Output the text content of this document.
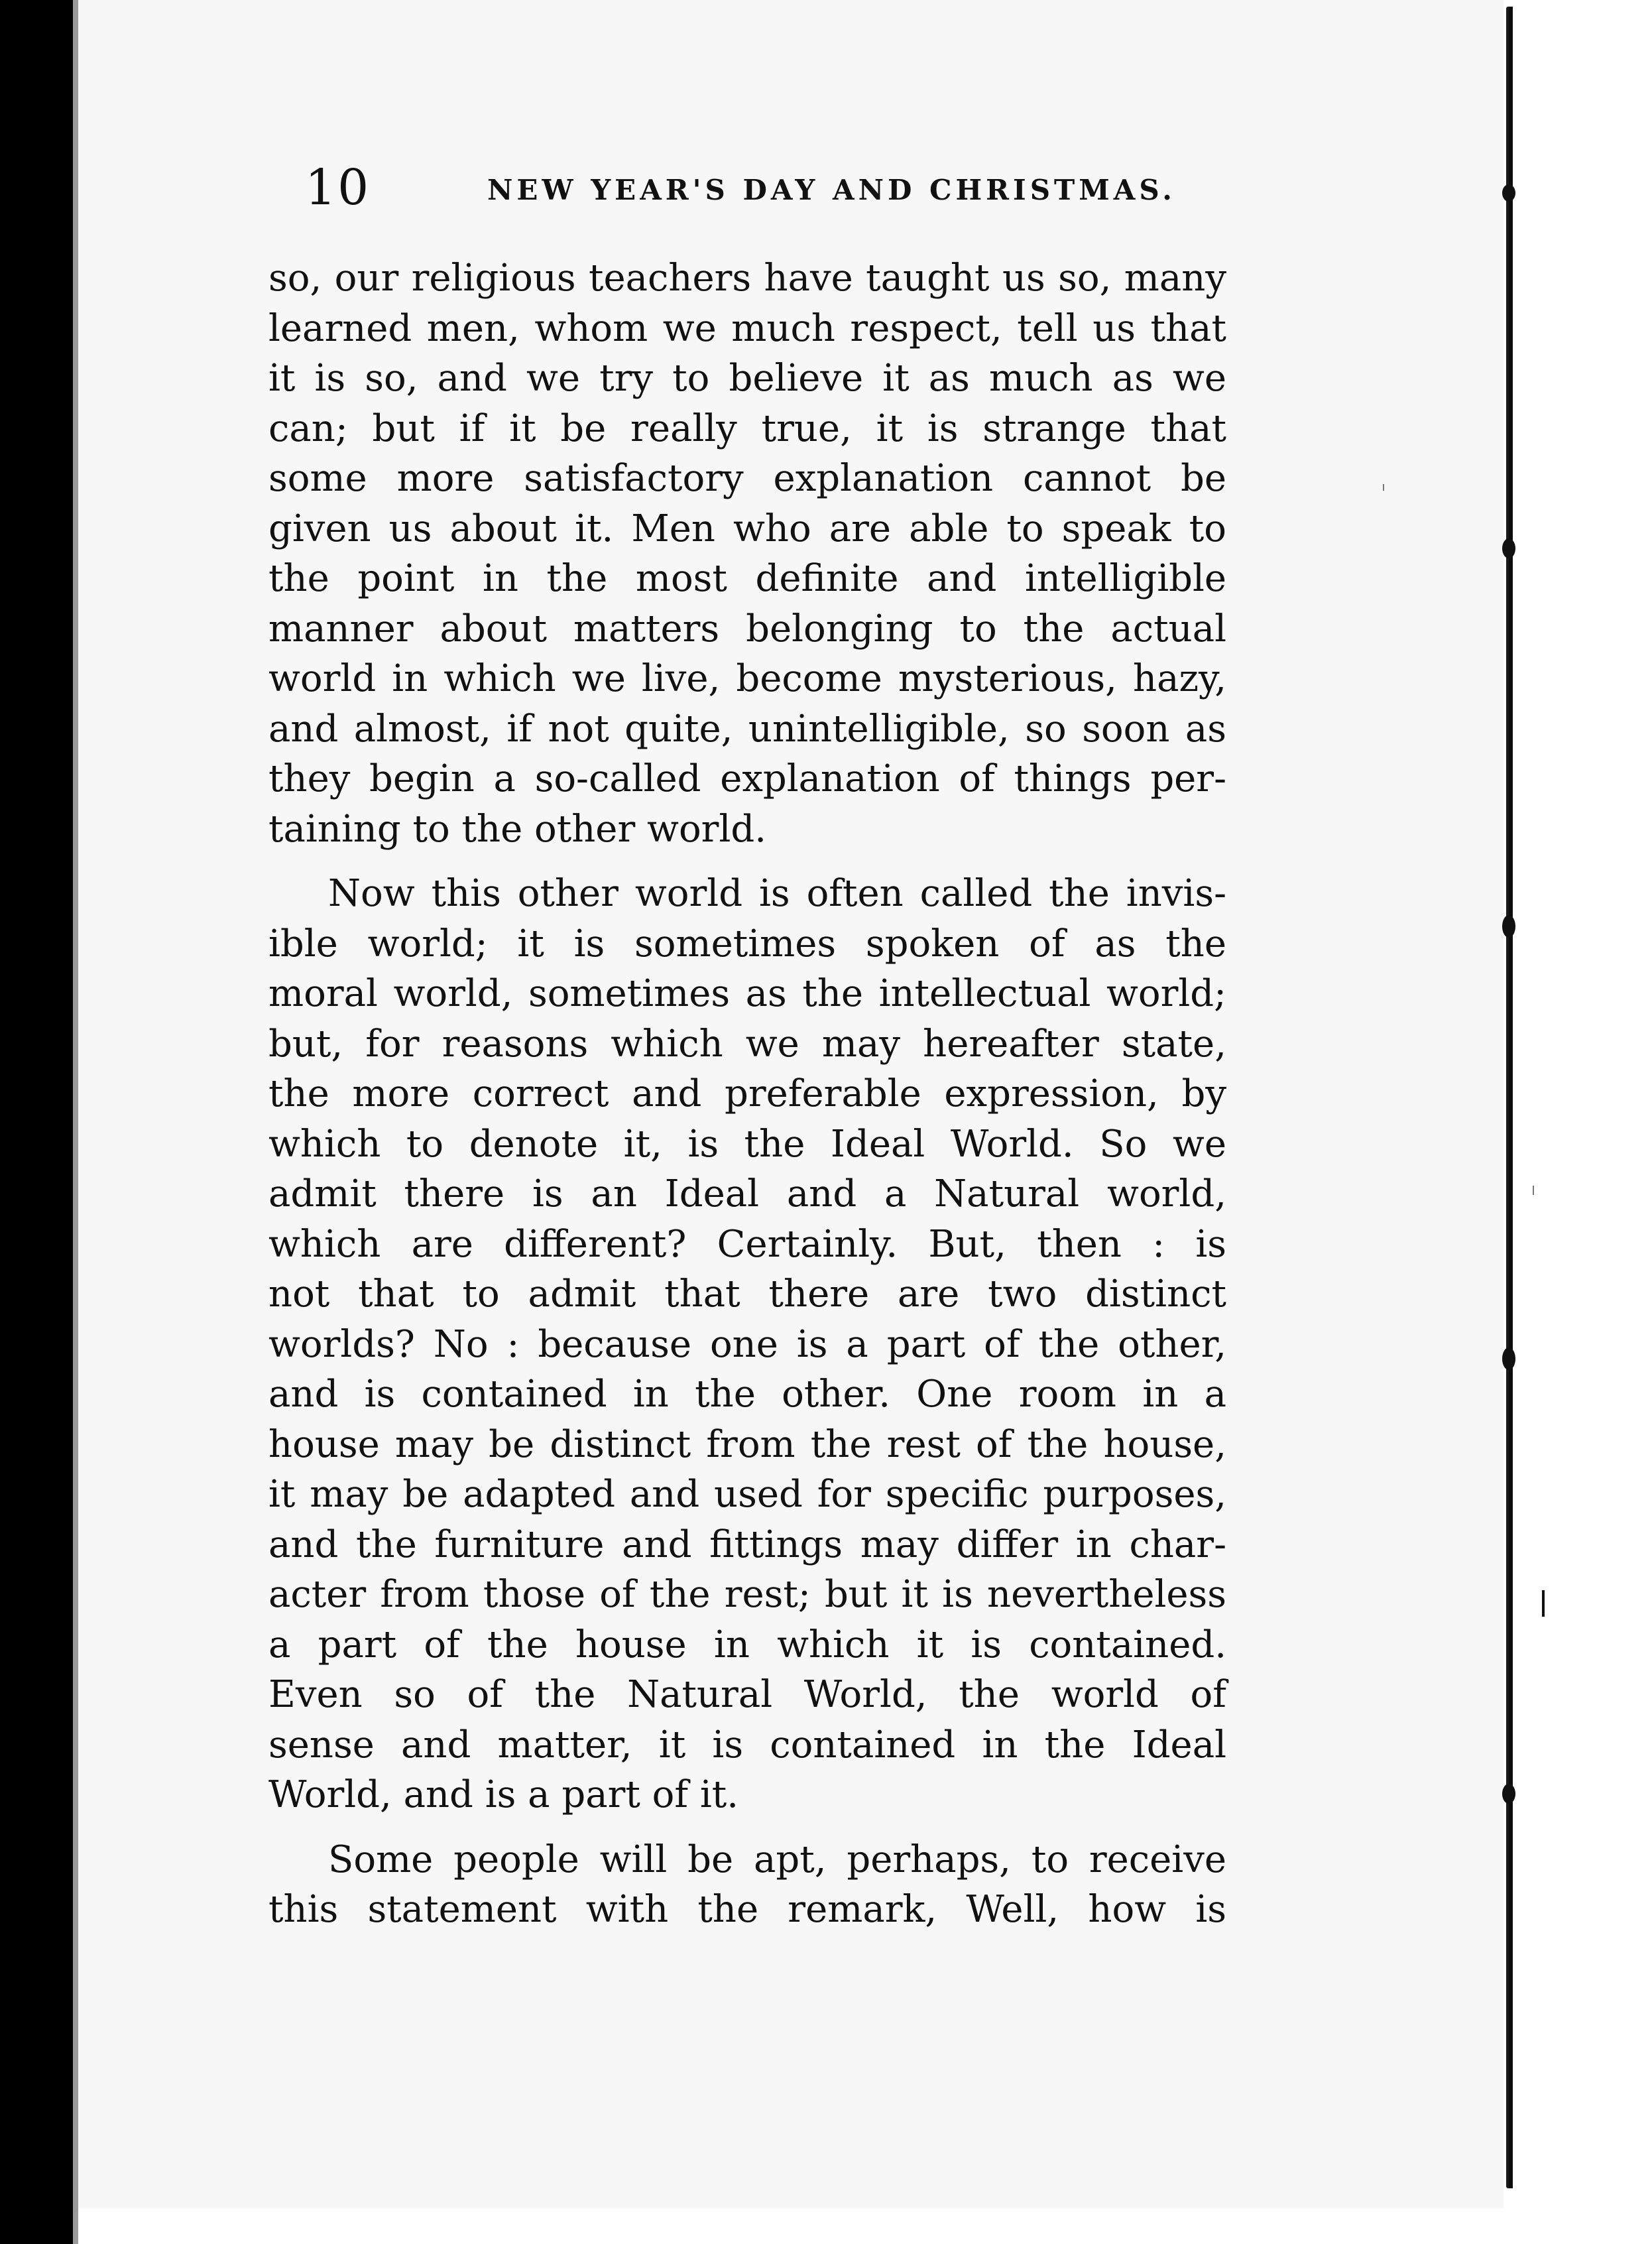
10	NEW YEAR'S DAY AND CHRISTMAS.
so, our religious teachers have taught us so, many
learned men, whom we much respect, tell us that
it is so, and we try to believe it as much as we
can; but if it be really true, it is strange that
some more satisfactory explanation cannot be
given us about it. Men who are able to speak to
the point in the most definite and intelligible
manner about matters belonging to the actual
world in which we live, become mysterious, hazy,
and almost, if not quite, unintelligible, so soon as
they begin a so-called explanation of things per-
taining to the other world.
Now this other world is often called the invis-
ible world; it is sometimes spoken of as the
moral world, sometimes as the intellectual world;
but, for reasons which we may hereafter state,
the more correct and preferable expression, by
which to denote it, is the Ideal World. So we
admit there is an Ideal and a Natural world,
which are different? Certainly. But, then : is
not that to admit that there are two distinct
worlds? No : because one is a part of the other,
and is contained in the other. One room in a
house may be distinct from the rest of the house,
it may be adapted and used for specific purposes,
and the furniture and fittings may differ in char-
acter from those of the rest; but it is nevertheless
a part of the house in which it is contained.
Even so of the Natural World, the world of
sense and matter, it is contained in the Ideal
World, and is a part of it.
Some people will be apt, perhaps, to receive
this statement with the remark, Well, how is
